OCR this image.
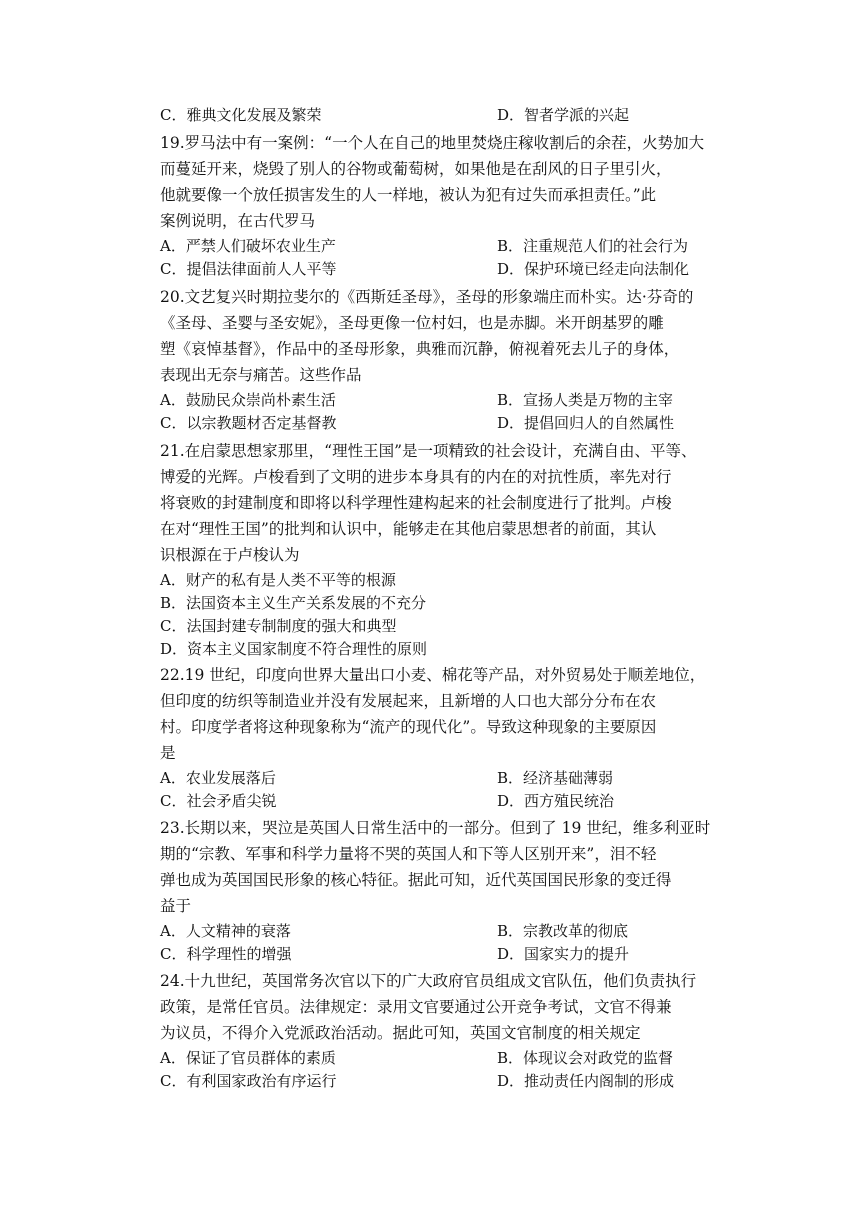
C．雅典文化发展及繁荣	D．智者学派的兴起
19.罗马法中有一案例：“一个人在自己的地里焚烧庄稼收割后的余茬，火势加大
而蔓延开来，烧毁了别人的谷物或葡萄树，如果他是在刮风的日子里引火，
他就要像一个放任损害发生的人一样地，被认为犯有过失而承担责任。”此
案例说明，在古代罗马
A．严禁人们破坏农业生产	B．注重规范人们的社会行为
C．提倡法律面前人人平等	D．保护环境已经走向法制化
20.文艺复兴时期拉斐尔的《西斯廷圣母》，圣母的形象端庄而朴实。达·芬奇的
《圣母、圣婴与圣安妮》，圣母更像一位村妇，也是赤脚。米开朗基罗的雕
塑《哀悼基督》，作品中的圣母形象，典雅而沉静，俯视着死去儿子的身体，
表现出无奈与痛苦。这些作品
A．鼓励民众崇尚朴素生活	B．宣扬人类是万物的主宰
C．以宗教题材否定基督教	D．提倡回归人的自然属性
21.在启蒙思想家那里，“理性王国”是一项精致的社会设计，充满自由、平等、
博爱的光辉。卢梭看到了文明的进步本身具有的内在的对抗性质，率先对行
将衰败的封建制度和即将以科学理性建构起来的社会制度进行了批判。卢梭
在对“理性王国”的批判和认识中，能够走在其他启蒙思想者的前面，其认
识根源在于卢梭认为
A．财产的私有是人类不平等的根源
B．法国资本主义生产关系发展的不充分
C．法国封建专制制度的强大和典型
D．资本主义国家制度不符合理性的原则
22.19 世纪，印度向世界大量出口小麦、棉花等产品，对外贸易处于顺差地位，
但印度的纺织等制造业并没有发展起来，且新增的人口也大部分分布在农
村。印度学者将这种现象称为“流产的现代化”。导致这种现象的主要原因
是
A．农业发展落后	B．经济基础薄弱
C．社会矛盾尖锐	D．西方殖民统治
23.长期以来，哭泣是英国人日常生活中的一部分。但到了 19 世纪，维多利亚时
期的“宗教、军事和科学力量将不哭的英国人和下等人区别开来”，泪不轻
弹也成为英国国民形象的核心特征。据此可知，近代英国国民形象的变迁得
益于
A．人文精神的衰落	B．宗教改革的彻底
C．科学理性的增强	D．国家实力的提升
24.十九世纪，英国常务次官以下的广大政府官员组成文官队伍，他们负责执行
政策，是常任官员。法律规定：录用文官要通过公开竞争考试，文官不得兼
为议员，不得介入党派政治活动。据此可知，英国文官制度的相关规定
A．保证了官员群体的素质	B．体现议会对政党的监督
C．有利国家政治有序运行	D．推动责任内阁制的形成
